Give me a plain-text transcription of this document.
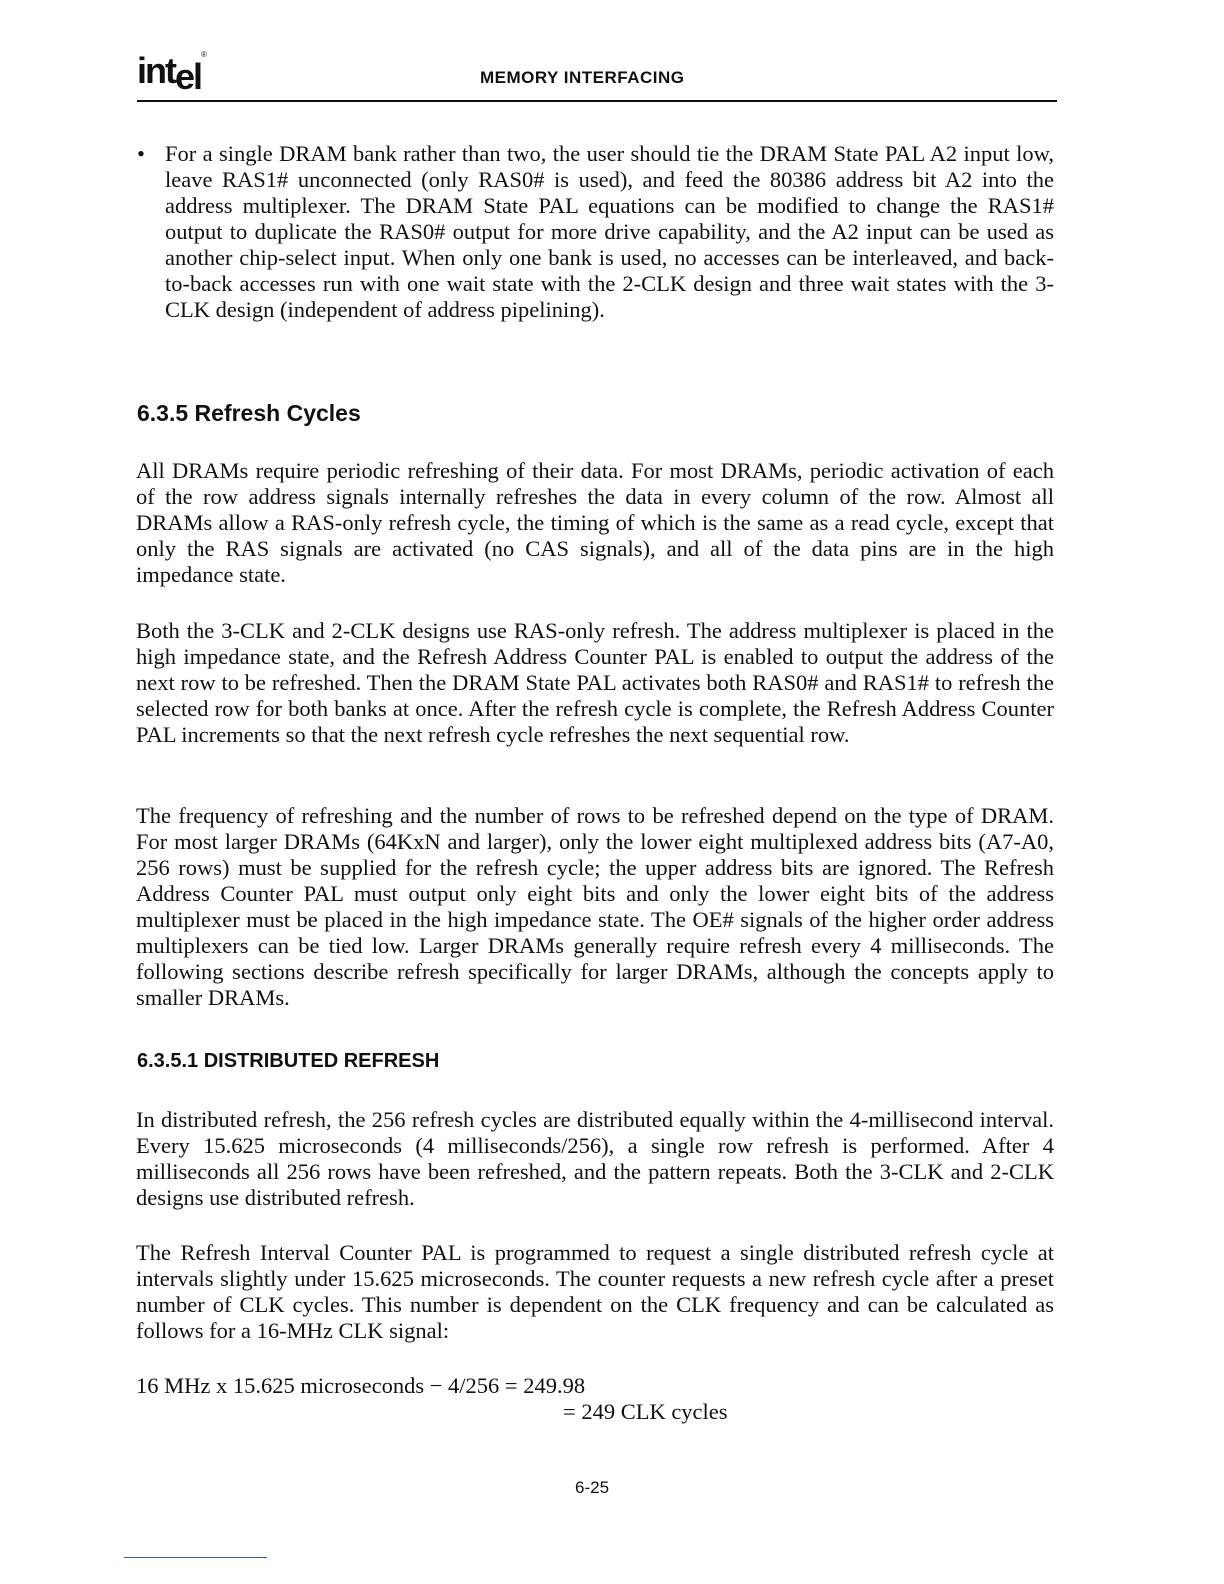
intel®
MEMORY INTERFACING
• For a single DRAM bank rather than two, the user should tie the DRAM State PAL A2 input low, leave RAS1# unconnected (only RAS0# is used), and feed the 80386 address bit A2 into the address multiplexer. The DRAM State PAL equations can be modified to change the RAS1# output to duplicate the RAS0# output for more drive capability, and the A2 input can be used as another chip-select input. When only one bank is used, no accesses can be interleaved, and back-to-back accesses run with one wait state with the 2-CLK design and three wait states with the 3-CLK design (independent of address pipelining).

6.3.5 Refresh Cycles

All DRAMs require periodic refreshing of their data. For most DRAMs, periodic activation of each of the row address signals internally refreshes the data in every column of the row. Almost all DRAMs allow a RAS-only refresh cycle, the timing of which is the same as a read cycle, except that only the RAS signals are activated (no CAS signals), and all of the data pins are in the high impedance state.

Both the 3-CLK and 2-CLK designs use RAS-only refresh. The address multiplexer is placed in the high impedance state, and the Refresh Address Counter PAL is enabled to output the address of the next row to be refreshed. Then the DRAM State PAL activates both RAS0# and RAS1# to refresh the selected row for both banks at once. After the refresh cycle is complete, the Refresh Address Counter PAL increments so that the next refresh cycle refreshes the next sequential row.

The frequency of refreshing and the number of rows to be refreshed depend on the type of DRAM. For most larger DRAMs (64KxN and larger), only the lower eight multiplexed address bits (A7-A0, 256 rows) must be supplied for the refresh cycle; the upper address bits are ignored. The Refresh Address Counter PAL must output only eight bits and only the lower eight bits of the address multiplexer must be placed in the high impedance state. The OE# signals of the higher order address multiplexers can be tied low. Larger DRAMs generally require refresh every 4 milliseconds. The following sections describe refresh specifically for larger DRAMs, although the concepts apply to smaller DRAMs.

6.3.5.1 DISTRIBUTED REFRESH

In distributed refresh, the 256 refresh cycles are distributed equally within the 4-millisecond interval. Every 15.625 microseconds (4 milliseconds/256), a single row refresh is performed. After 4 milliseconds all 256 rows have been refreshed, and the pattern repeats. Both the 3-CLK and 2-CLK designs use distributed refresh.

The Refresh Interval Counter PAL is programmed to request a single distributed refresh cycle at intervals slightly under 15.625 microseconds. The counter requests a new refresh cycle after a preset number of CLK cycles. This number is dependent on the CLK frequency and can be calculated as follows for a 16-MHz CLK signal:

16 MHz x 15.625 microseconds − 4/256 = 249.98
= 249 CLK cycles
6-25
